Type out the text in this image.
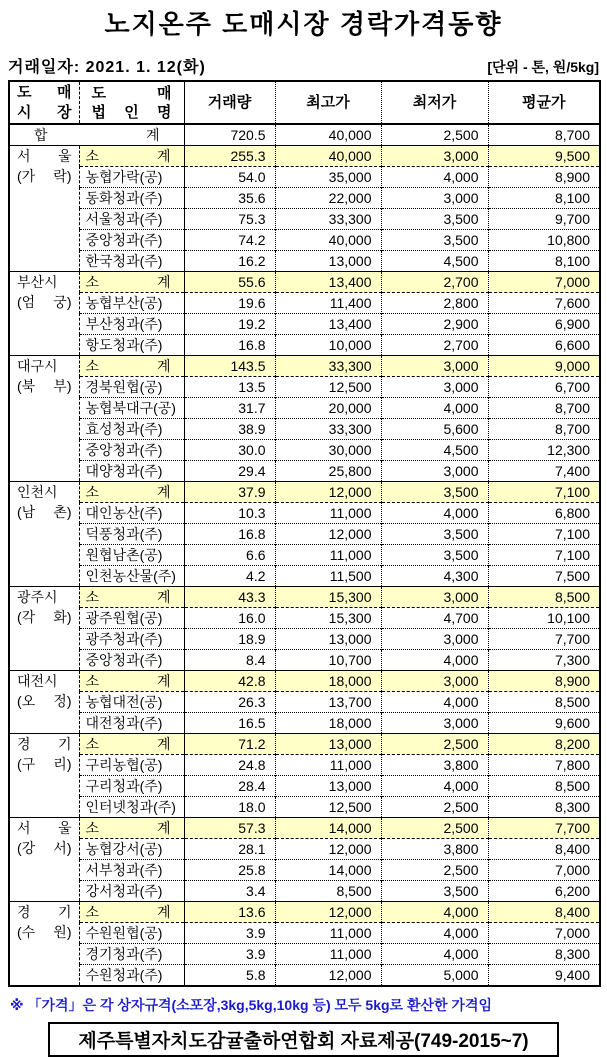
노지온주 도매시장 경락가격동향
거래일자: 2021. 1. 12(화)	[단위 - 톤, 원/5kg]
도 매
시 장

도 매
법 인 명
	거래량	최고가	최저가	평균가
합 계		720.5	40,000	2,500	8,700

서 울
(가 락)	소 계	255.3	40,000	3,000	9,500
	농협가락(공)	54.0	35,000	4,000	8,900
	동화청과(주)	35.6	22,000	3,000	8,100
	서울청과(주)	75.3	33,300	3,500	9,700
	중앙청과(주)	74.2	40,000	3,500	10,800
	한국청과(주)	16.2	13,000	4,500	8,100

부산시
(엄 궁)	소 계	55.6	13,400	2,700	7,000
	농협부산(공)	19.6	11,400	2,800	7,600
	부산청과(주)	19.2	13,400	2,900	6,900
	항도청과(주)	16.8	10,000	2,700	6,600

대구시
(북 부)	소 계	143.5	33,300	3,000	9,000
	경북원협(공)	13.5	12,500	3,000	6,700
	농협북대구(공)	31.7	20,000	4,000	8,700
	효성청과(주)	38.9	33,300	5,600	8,700
	중앙청과(주)	30.0	30,000	4,500	12,300
	대양청과(주)	29.4	25,800	3,000	7,400

인천시
(남 촌)	소 계	37.9	12,000	3,500	7,100
	대인농산(주)	10.3	11,000	4,000	6,800
	덕풍청과(주)	16.8	12,000	3,500	7,100
	원협남촌(공)	6.6	11,000	3,500	7,100
	인천농산물(주)	4.2	11,500	4,300	7,500

광주시
(각 화)	소 계	43.3	15,300	3,000	8,500
	광주원협(공)	16.0	15,300	4,700	10,100
	광주청과(주)	18.9	13,000	3,000	7,700
	중앙청과(주)	8.4	10,700	4,000	7,300

대전시
(오 정)	소 계	42.8	18,000	3,000	8,900
	농협대전(공)	26.3	13,700	4,000	8,500
	대전청과(주)	16.5	18,000	3,000	9,600

경 기
(구 리)	소 계	71.2	13,000	2,500	8,200
	구리농협(공)	24.8	11,000	3,800	7,800
	구리청과(주)	28.4	13,000	4,000	8,500
	인터넷청과(주)	18.0	12,500	2,500	8,300

서 울
(강 서)	소 계	57.3	14,000	2,500	7,700
	농협강서(공)	28.1	12,000	3,800	8,400
	서부청과(주)	25.8	14,000	2,500	7,000
	강서청과(주)	3.4	8,500	3,500	6,200

경 기
(수 원)	소 계	13.6	12,000	4,000	8,400
	수원원협(공)	3.9	11,000	4,000	7,000
	경기청과(주)	3.9	11,000	4,000	8,300
	수원청과(주)	5.8	12,000	5,000	9,400
※ 「가격」은 각 상자규격(소포장,3kg,5kg,10kg 등) 모두 5kg로 환산한 가격임
제주특별자치도감귤출하연합회 자료제공(749-2015~7)
